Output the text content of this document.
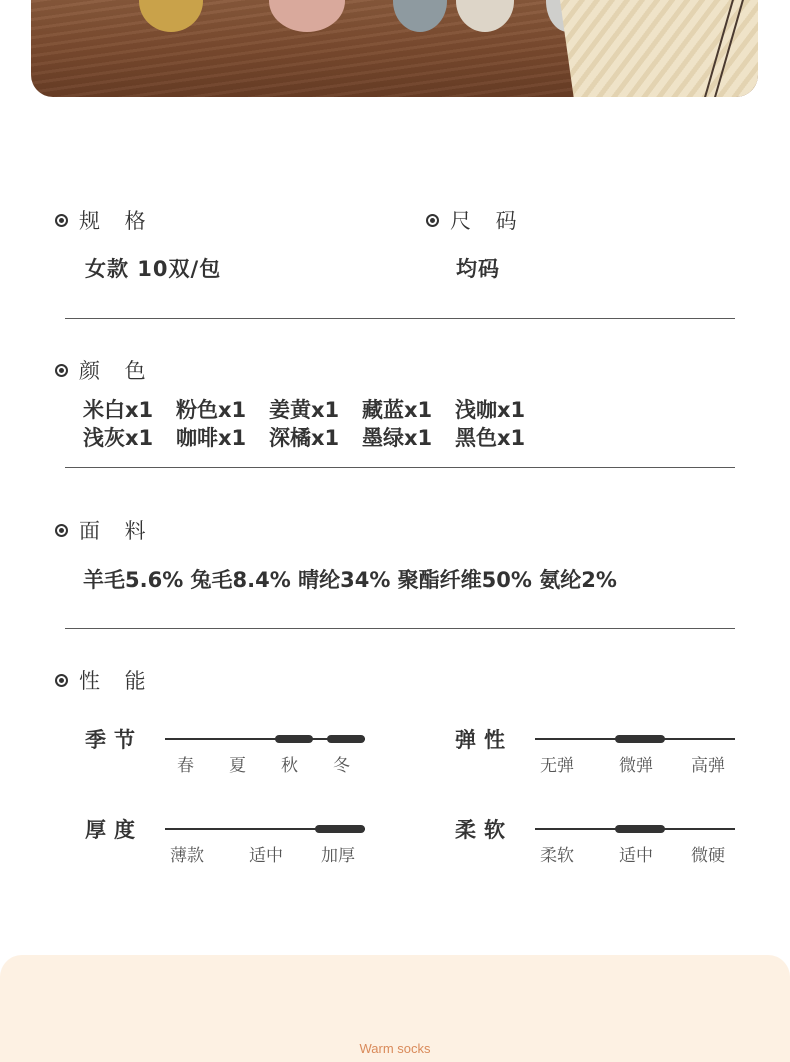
规 格
女款 10双/包
尺 码
均码
颜 色
米白x1 粉色x1 姜黄x1 藏蓝x1 浅咖x1
浅灰x1 咖啡x1 深橘x1 墨绿x1 黑色x1
面 料
羊毛5.6% 兔毛8.4% 晴纶34% 聚酯纤维50% 氨纶2%
性 能
季节
春 夏 秋 冬
弹性
无弹	微弹 高弹
厚度
薄款	适中 加厚
柔软
柔软	适中 微硬
Warm socks
